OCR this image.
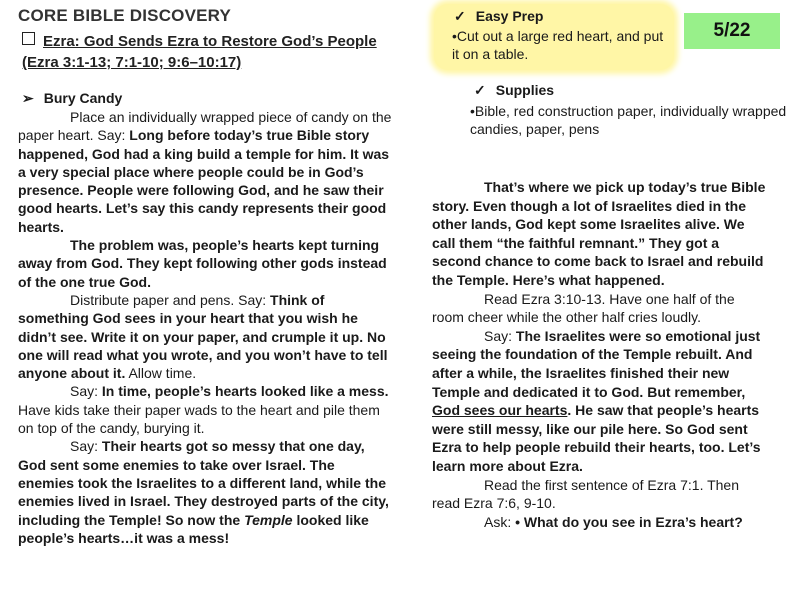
CORE BIBLE DISCOVERY
Ezra: God Sends Ezra to Restore God’s People (Ezra 3:1-13; 7:1-10; 9:6–10:17)
✓ Easy Prep
•Cut out a large red heart, and put it on a table.
5/22
✓ Supplies
•Bible, red construction paper, individually wrapped candies, paper, pens
➢ Bury Candy

Place an individually wrapped piece of candy on the paper heart. Say: Long before today’s true Bible story happened, God had a king build a temple for him. It was a very special place where people could be in God’s presence. People were following God, and he saw their good hearts. Let’s say this candy represents their good hearts.

The problem was, people’s hearts kept turning away from God. They kept following other gods instead of the one true God.

Distribute paper and pens. Say: Think of something God sees in your heart that you wish he didn’t see. Write it on your paper, and crumple it up. No one will read what you wrote, and you won’t have to tell anyone about it. Allow time.

Say: In time, people’s hearts looked like a mess. Have kids take their paper wads to the heart and pile them on top of the candy, burying it.

Say: Their hearts got so messy that one day, God sent some enemies to take over Israel. The enemies took the Israelites to a different land, while the enemies lived in Israel. They destroyed parts of the city, including the Temple! So now the Temple looked like people’s hearts…it was a mess!

That’s where we pick up today’s true Bible story. Even though a lot of Israelites died in the other lands, God kept some Israelites alive. We call them “the faithful remnant.” They got a second chance to come back to Israel and rebuild the Temple. Here’s what happened.

Read Ezra 3:10-13. Have one half of the room cheer while the other half cries loudly.

Say: The Israelites were so emotional just seeing the foundation of the Temple rebuilt. And after a while, the Israelites finished their new Temple and dedicated it to God. But remember, God sees our hearts. He saw that people’s hearts were still messy, like our pile here. So God sent Ezra to help people rebuild their hearts, too. Let’s learn more about Ezra.

Read the first sentence of Ezra 7:1. Then read Ezra 7:6, 9-10.

Ask: • What do you see in Ezra’s heart?
